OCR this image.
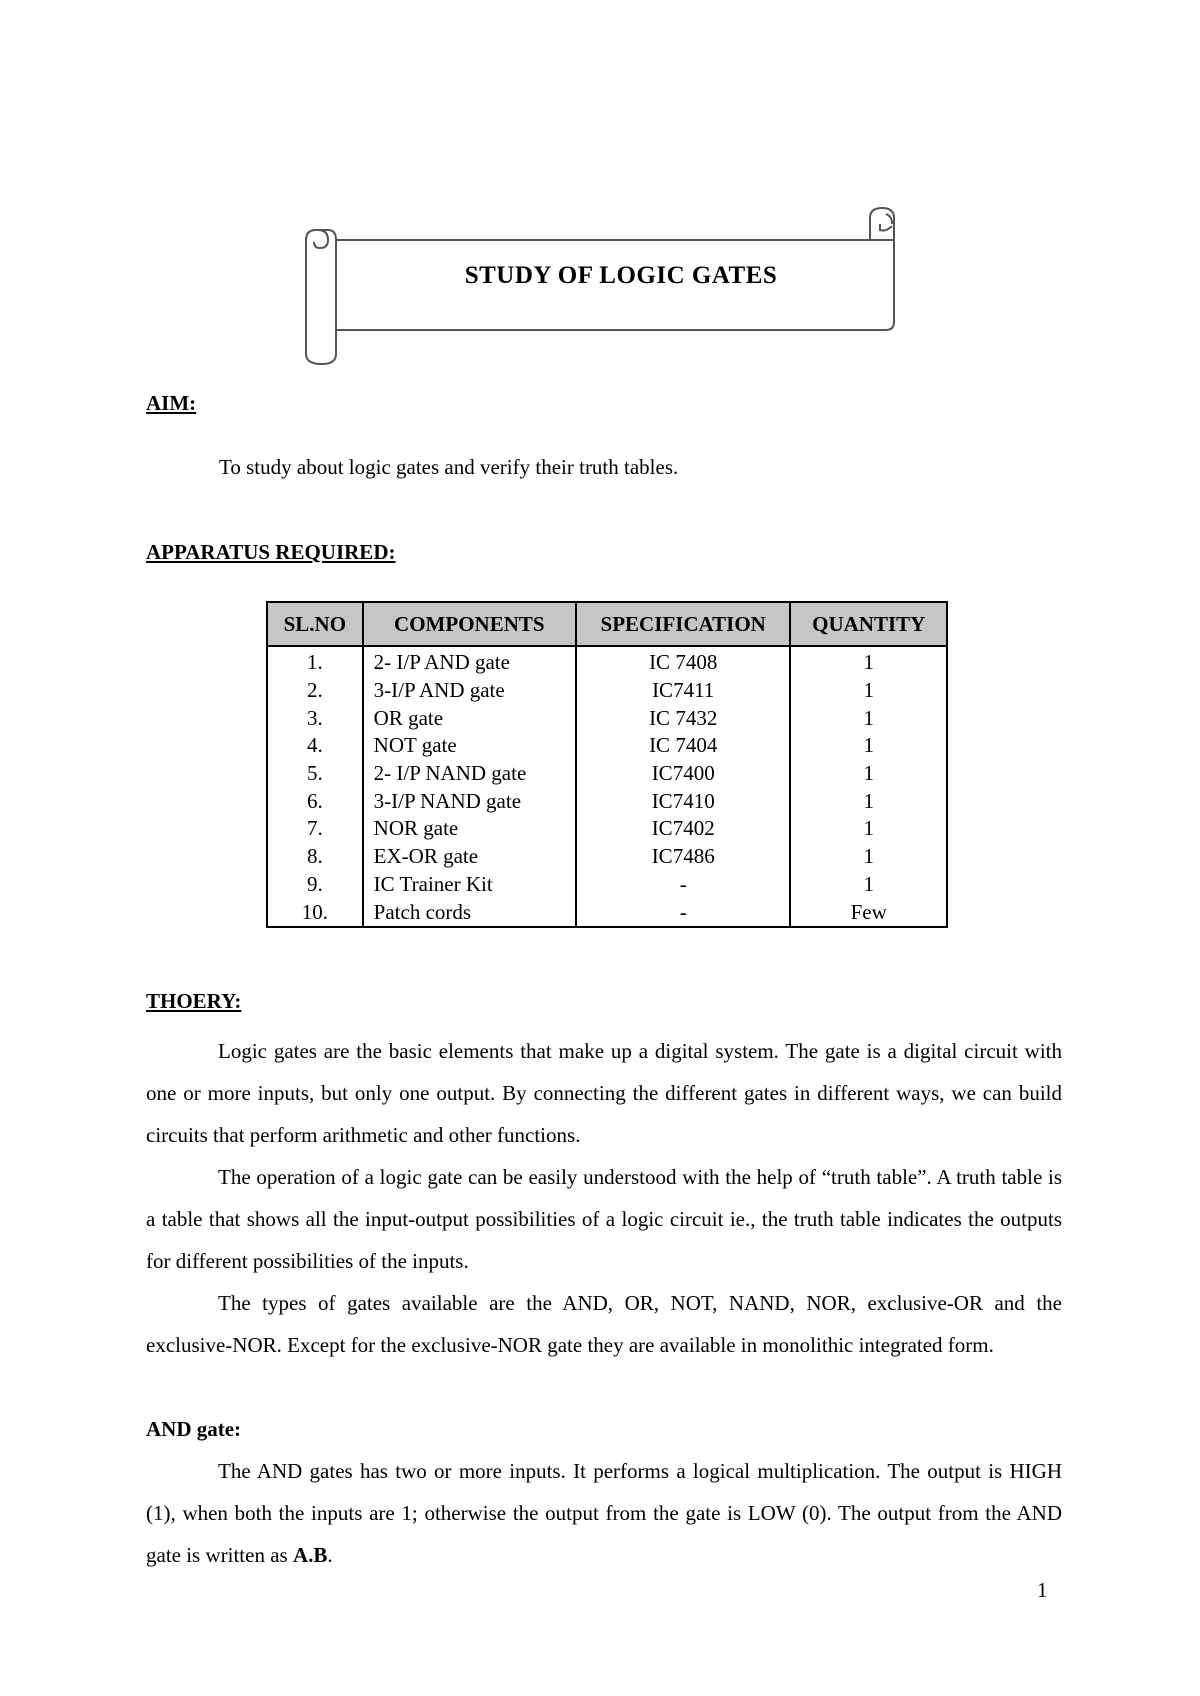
STUDY OF LOGIC GATES
AIM:
To study about logic gates and verify their truth tables.
APPARATUS REQUIRED:
SL.NO	COMPONENTS	SPECIFICATION	QUANTITY
1.	2- I/P AND gate	IC 7408	1
2.	3-I/P AND gate	IC7411	1
3.	OR gate	IC 7432	1
4.	NOT gate	IC 7404	1
5.	2- I/P NAND gate	IC7400	1
6.	3-I/P NAND gate	IC7410	1
7.	NOR gate	IC7402	1
8.	EX-OR gate	IC7486	1
9.	IC Trainer Kit	-	1
10.	Patch cords	-	Few
THOERY:

Logic gates are the basic elements that make up a digital system. The gate is a digital circuit with one or more inputs, but only one output. By connecting the different gates in different ways, we can build circuits that perform arithmetic and other functions.

The operation of a logic gate can be easily understood with the help of “truth table”. A truth table is a table that shows all the input-output possibilities of a logic circuit ie., the truth table indicates the outputs for different possibilities of the inputs.

The types of gates available are the AND, OR, NOT, NAND, NOR, exclusive-OR and the exclusive-NOR. Except for the exclusive-NOR gate they are available in monolithic integrated form.

AND gate:

The AND gates has two or more inputs. It performs a logical multiplication. The output is HIGH (1), when both the inputs are 1; otherwise the output from the gate is LOW (0). The output from the AND gate is written as A.B.

1
